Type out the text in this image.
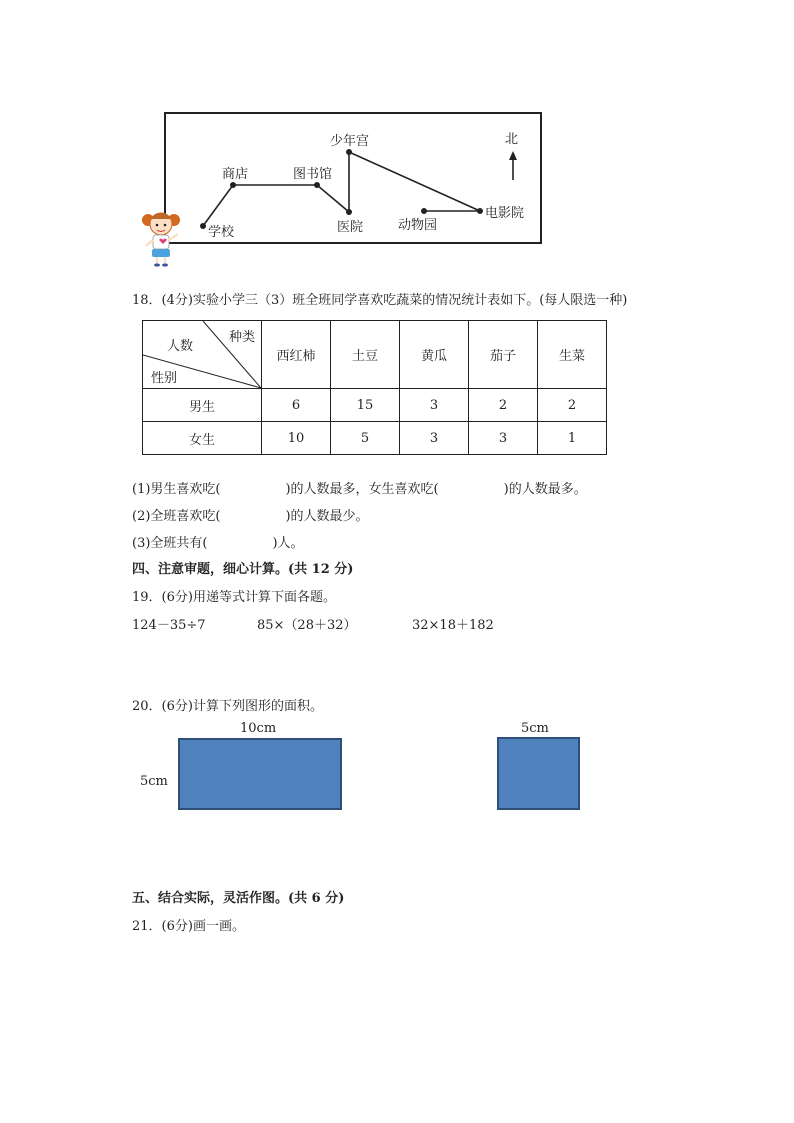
北
学校
商店	图书馆
少年宫
医院	动物园
电影院
18．(4分)实验小学三（3）班全班同学喜欢吃蔬菜的情况统计表如下。(每人限选一种)
种类
人数
性别	西红柿	土豆	黄瓜	茄子	生菜
男生	6	15	3	2	2
女生	10	5	3	3	1
(1)男生喜欢吃(　　　　　)的人数最多，女生喜欢吃(　　　　　)的人数最多。
(2)全班喜欢吃(　　　　　)的人数最少。
(3)全班共有(　　　　　)人。
四、注意审题，细心计算。(共 12 分)
19．(6分)用递等式计算下面各题。
124－35÷7	85×（28＋32）	32×18＋182
20．(6分)计算下列图形的面积。
10cm
5cm
5cm
五、结合实际，灵活作图。(共 6 分)
21．(6分)画一画。
